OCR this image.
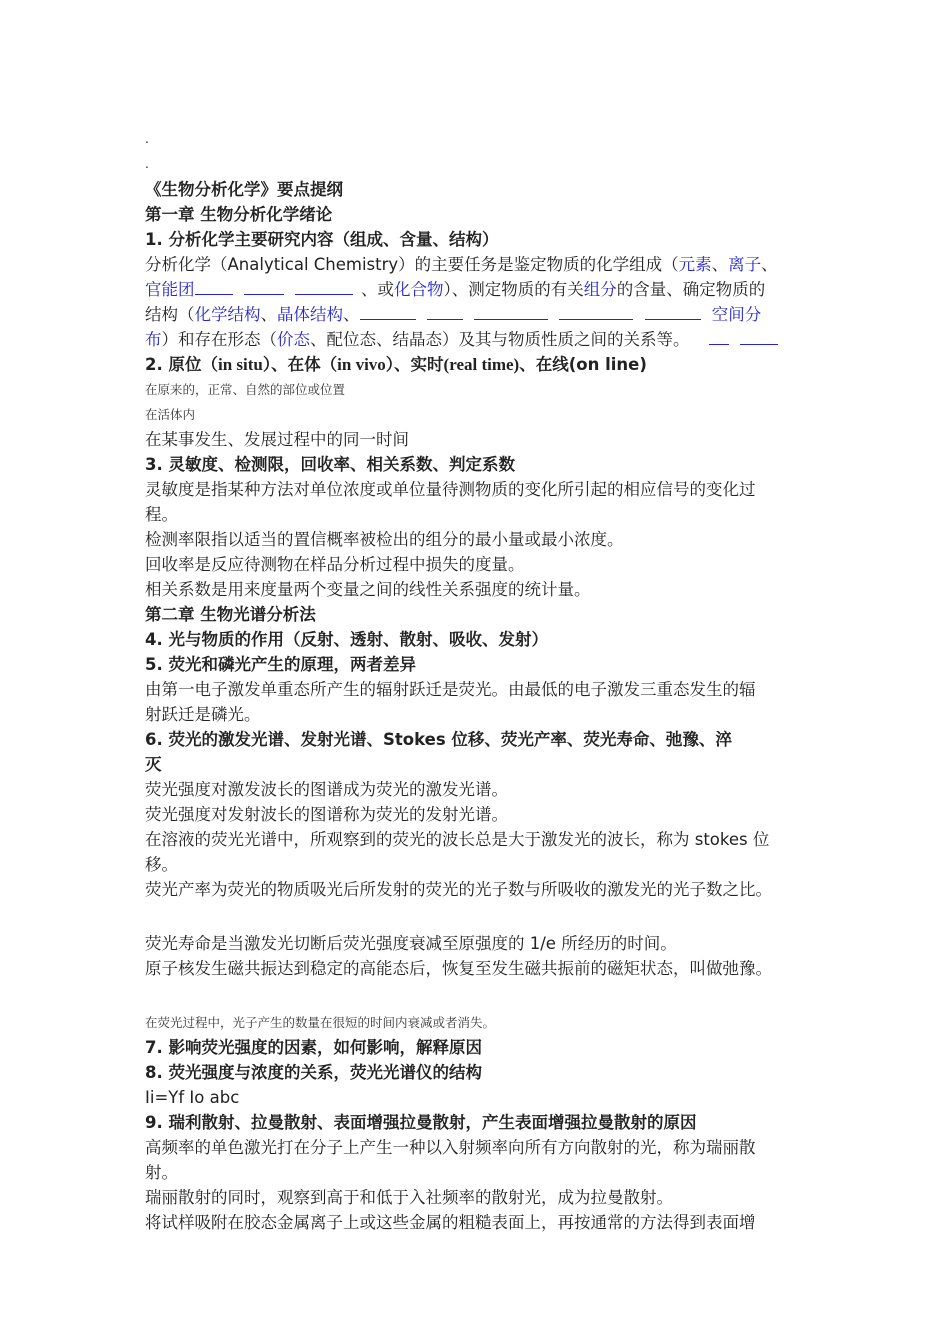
.
.
《生物分析化学》要点提纲
第一章 生物分析化学绪论
1. 分析化学主要研究内容（组成、含量、结构）
分析化学（Analytical Chemistry）的主要任务是鉴定物质的化学组成（元素、离子、
官能团	、或化合物）、测定物质的有关组分的含量、确定物质的
结构（化学结构、晶体结构、	空间分
布）和存在形态（价态、配位态、结晶态）及其与物质性质之间的关系等。
2. 原位（in situ）、在体（in vivo）、实时(real time)、在线(on line)
在原来的，正常、自然的部位或位置
在活体内
在某事发生、发展过程中的同一时间
3. 灵敏度、检测限，回收率、相关系数、判定系数
灵敏度是指某种方法对单位浓度或单位量待测物质的变化所引起的相应信号的变化过
程。
检测率限指以适当的置信概率被检出的组分的最小量或最小浓度。
回收率是反应待测物在样品分析过程中损失的度量。
相关系数是用来度量两个变量之间的线性关系强度的统计量。
第二章 生物光谱分析法
4. 光与物质的作用（反射、透射、散射、吸收、发射）
5. 荧光和磷光产生的原理，两者差异
由第一电子激发单重态所产生的辐射跃迁是荧光。由最低的电子激发三重态发生的辐
射跃迁是磷光。
6. 荧光的激发光谱、发射光谱、Stokes 位移、荧光产率、荧光寿命、弛豫、淬
灭
荧光强度对激发波长的图谱成为荧光的激发光谱。
荧光强度对发射波长的图谱称为荧光的发射光谱。
在溶液的荧光光谱中，所观察到的荧光的波长总是大于激发光的波长，称为 stokes 位
移。
荧光产率为荧光的物质吸光后所发射的荧光的光子数与所吸收的激发光的光子数之比。
荧光寿命是当激发光切断后荧光强度衰减至原强度的 1/e 所经历的时间。
原子核发生磁共振达到稳定的高能态后，恢复至发生磁共振前的磁矩状态，叫做弛豫。
在荧光过程中，光子产生的数量在很短的时间内衰减或者消失。
7. 影响荧光强度的因素，如何影响，解释原因
8. 荧光强度与浓度的关系，荧光光谱仪的结构
Ii=Yf Io abc
9. 瑞利散射、拉曼散射、表面增强拉曼散射，产生表面增强拉曼散射的原因
高频率的单色激光打在分子上产生一种以入射频率向所有方向散射的光，称为瑞丽散
射。
瑞丽散射的同时，观察到高于和低于入社频率的散射光，成为拉曼散射。
将试样吸附在胶态金属离子上或这些金属的粗糙表面上，再按通常的方法得到表面增
